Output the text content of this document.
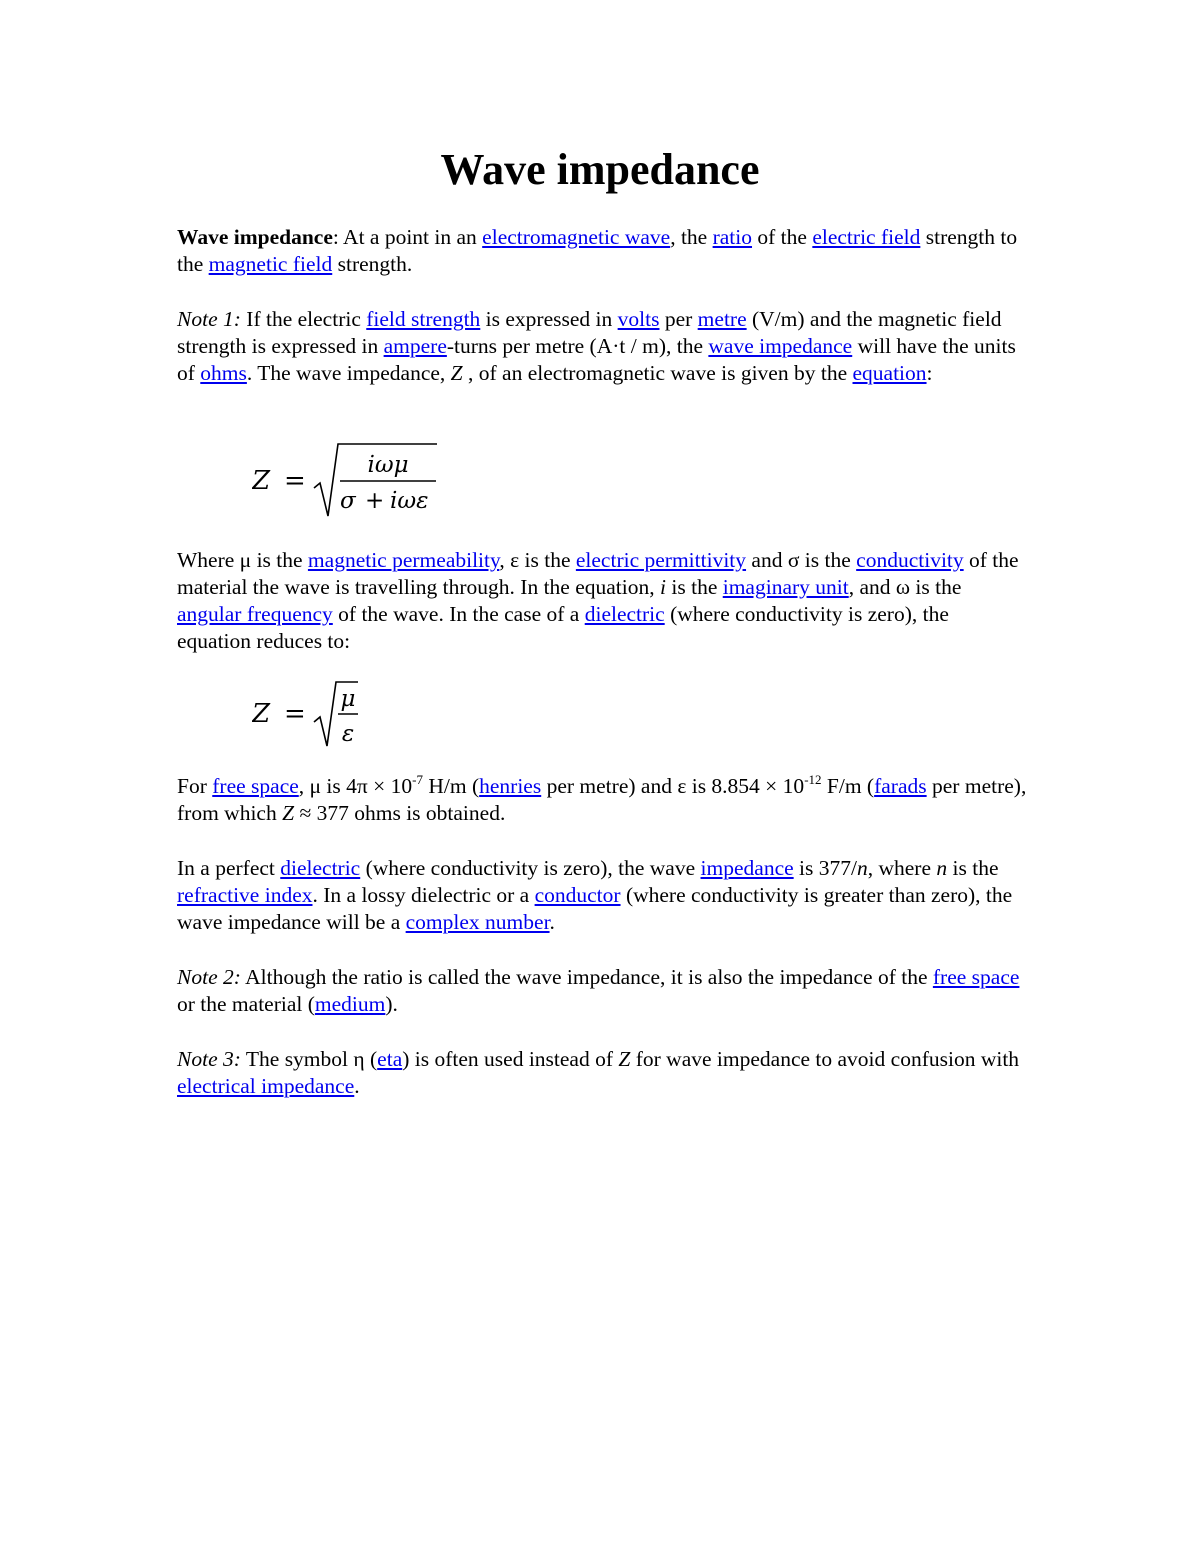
Wave impedance

Wave impedance: At a point in an electromagnetic wave, the ratio of the electric field strength to the magnetic field strength.

Note 1: If the electric field strength is expressed in volts per metre (V/m) and the magnetic field strength is expressed in ampere-turns per metre (A·t / m), the wave impedance will have the units of ohms. The wave impedance, Z , of an electromagnetic wave is given by the equation:

Z =
iωμ
σ + iωε

Where μ is the magnetic permeability, ε is the electric permittivity and σ is the conductivity of the material the wave is travelling through. In the equation, i is the imaginary unit, and ω is the angular frequency of the wave. In the case of a dielectric (where conductivity is zero), the equation reduces to:

Z = μ
ε

For free space, μ is $4\pi \times 10^{-7}$ H/m (henries per metre) and ε is $8.854 \times 10^{-12}$ F/m (farads per metre), from which Z ≈ 377 ohms is obtained.

In a perfect dielectric (where conductivity is zero), the wave impedance is 377/n, where n is the refractive index. In a lossy dielectric or a conductor (where conductivity is greater than zero), the wave impedance will be a complex number.

Note 2: Although the ratio is called the wave impedance, it is also the impedance of the free space or the material (medium).

Note 3: The symbol η (eta) is often used instead of Z for wave impedance to avoid confusion with electrical impedance.
